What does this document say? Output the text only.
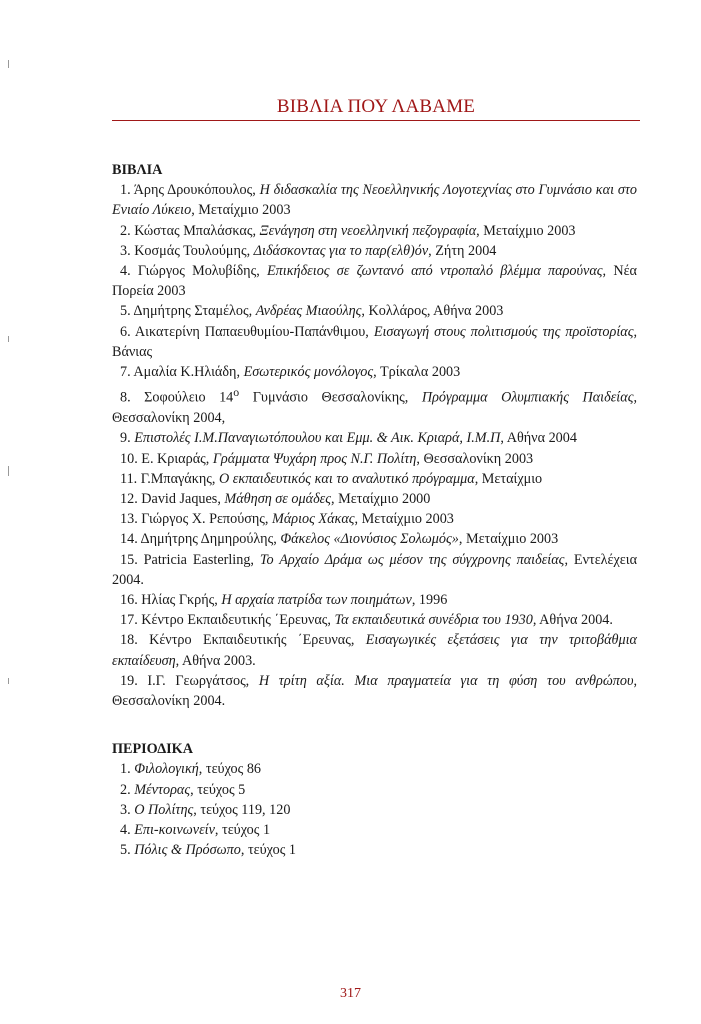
ΒΙΒΛΙΑ ΠΟΥ ΛΑΒΑΜΕ

ΒΙΒΛΙΑ

1. Άρης Δρουκόπουλος, Η διδασκαλία της Νεοελληνικής Λογοτεχνίας στο Γυμνάσιο και στο Ενιαίο Λύκειο, Μεταίχμιο 2003

2. Κώστας Μπαλάσκας, Ξενάγηση στη νεοελληνική πεζογραφία, Μεταίχμιο 2003

3. Κοσμάς Τουλούμης, Διδάσκοντας για το παρ(ελθ)όν, Ζήτη 2004

4. Γιώργος Μολυβίδης, Επικήδειος σε ζωντανό από ντροπαλό βλέμμα παρούνας, Νέα Πορεία 2003

5. Δημήτρης Σταμέλος, Ανδρέας Μιαούλης, Κολλάρος, Αθήνα 2003

6. Αικατερίνη Παπαευθυμίου-Παπάνθιμου, Εισαγωγή στους πολιτισμούς της προϊστορίας, Βάνιας

7. Αμαλία Κ.Ηλιάδη, Εσωτερικός μονόλογος, Τρίκαλα 2003

8. Σοφούλειο $14^o$ Γυμνάσιο Θεσσαλονίκης, Πρόγραμμα Ολυμπιακής Παιδείας, Θεσσαλονίκη 2004,

9. Επιστολές Ι.Μ.Παναγιωτόπουλου και Εμμ. & Αικ. Κριαρά, Ι.Μ.Π, Αθήνα 2004

10. Ε. Κριαράς, Γράμματα Ψυχάρη προς Ν.Γ. Πολίτη, Θεσσαλονίκη 2003

11. Γ.Μπαγάκης, Ο εκπαιδευτικός και το αναλυτικό πρόγραμμα, Μεταίχμιο

12. David Jaques, Μάθηση σε ομάδες, Μεταίχμιο 2000

13. Γιώργος Χ. Ρεπούσης, Μάριος Χάκας, Μεταίχμιο 2003

14. Δημήτρης Δημηρούλης, Φάκελος «Διονύσιος Σολωμός», Μεταίχμιο 2003

15. Patricia Easterling, Το Αρχαίο Δράμα ως μέσον της σύγχρονης παιδείας, Εντελέχεια 2004.

16. Ηλίας Γκρής, Η αρχαία πατρίδα των ποιημάτων, 1996

17. Κέντρο Εκπαιδευτικής ΄Ερευνας, Τα εκπαιδευτικά συνέδρια του 1930, Αθήνα 2004.

18. Κέντρο Εκπαιδευτικής ΄Ερευνας, Εισαγωγικές εξετάσεις για την τριτοβάθμια εκπαίδευση, Αθήνα 2003.

19. Ι.Γ. Γεωργάτσος, Η τρίτη αξία. Μια πραγματεία για τη φύση του ανθρώπου, Θεσσαλονίκη 2004.

ΠΕΡΙΟΔΙΚΑ

1. Φιλολογική, τεύχος 86

2. Μέντορας, τεύχος 5

3. Ο Πολίτης, τεύχος 119, 120

4. Επι-κοινωνείν, τεύχος 1

5. Πόλις & Πρόσωπο, τεύχος 1

317
